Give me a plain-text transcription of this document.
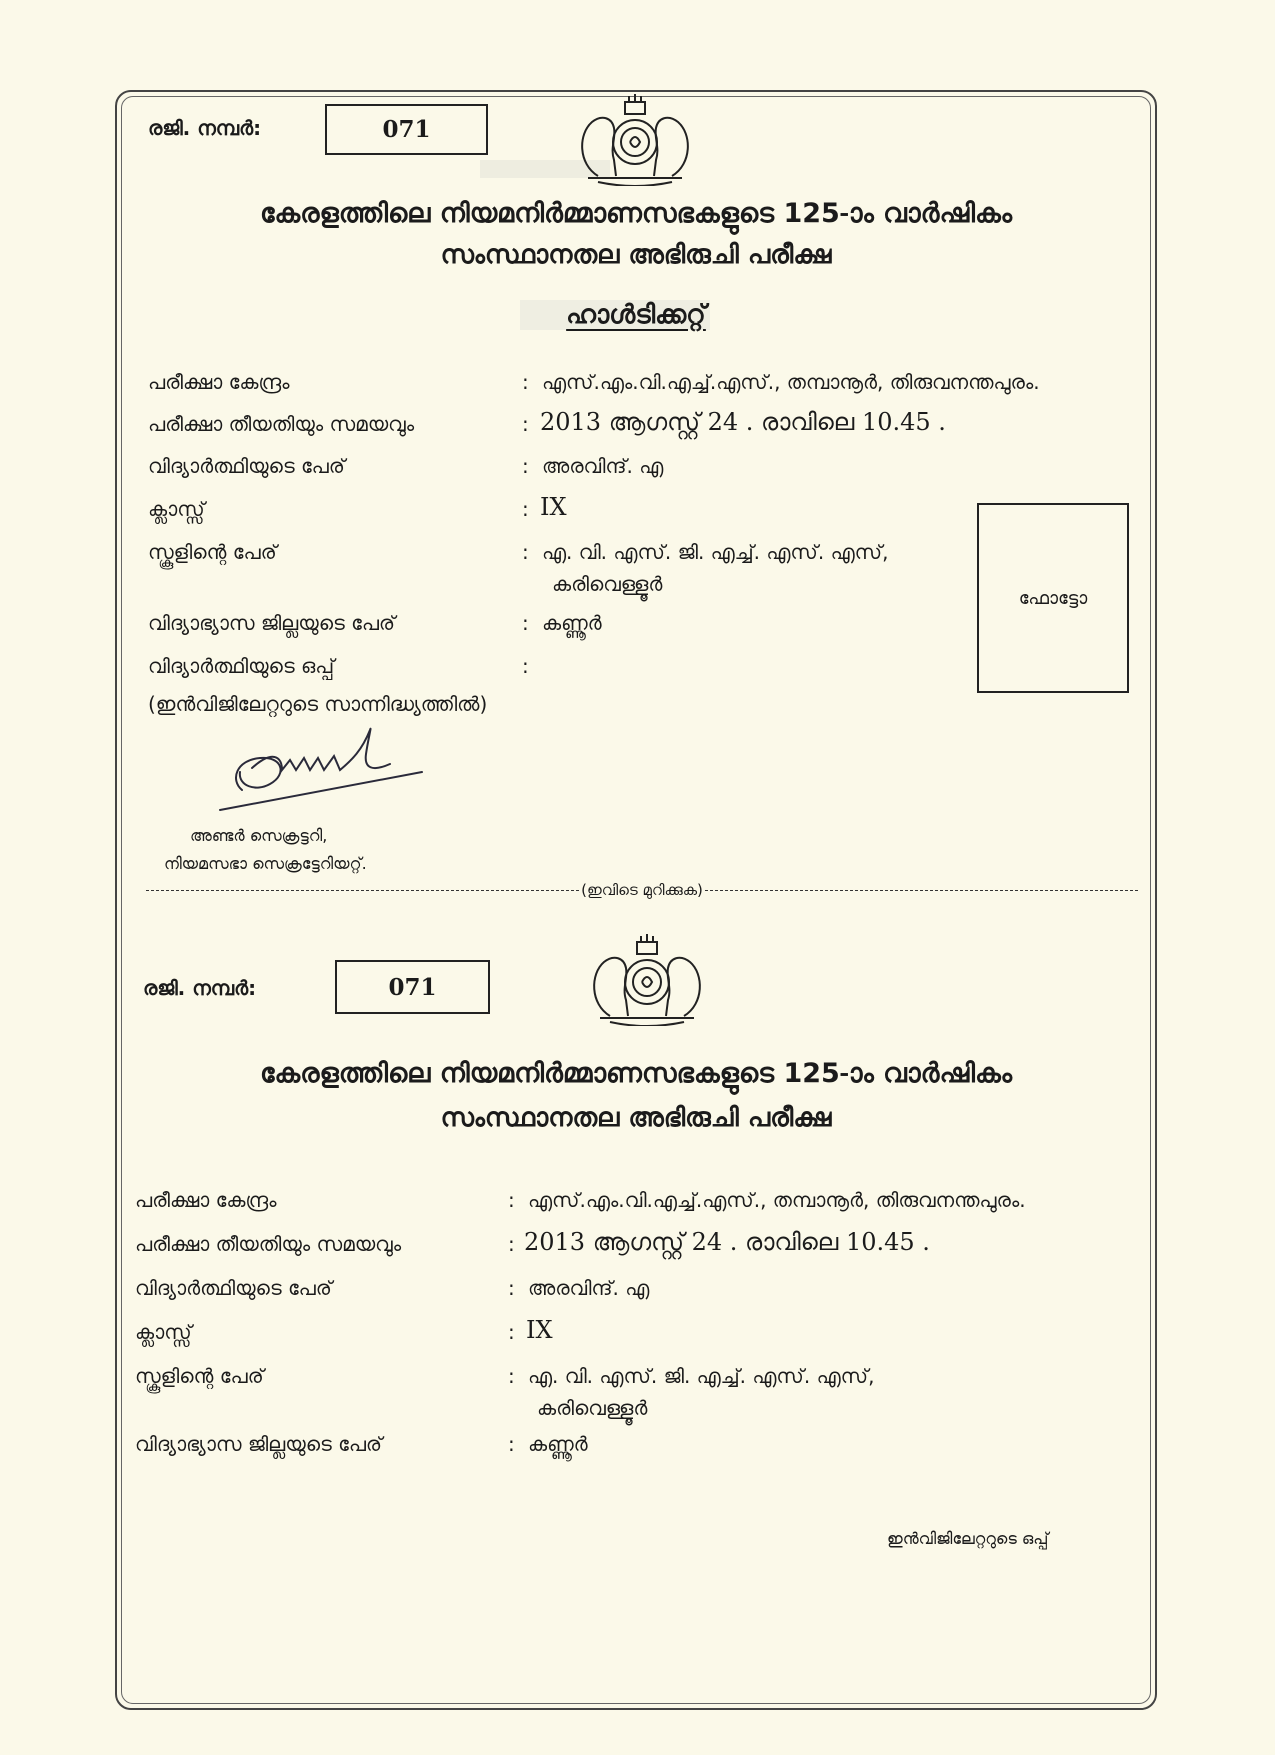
രജി. നമ്പർ:	071
കേരളത്തിലെ നിയമനിർമ്മാണസഭകളുടെ 125-ാം വാർഷികം
സംസ്ഥാനതല അഭിരുചി പരീക്ഷ
ഹാൾടിക്കറ്റ്
പരീക്ഷാ കേന്ദ്രം	: എസ്.എം.വി.എച്ച്.എസ്., തമ്പാനൂർ, തിരുവനന്തപുരം.
പരീക്ഷാ തീയതിയും സമയവും	: 2013 ആഗസ്റ്റ് 24 . രാവിലെ 10.45 .
വിദ്യാർത്ഥിയുടെ പേര്	: അരവിന്ദ്. എ
ക്ലാസ്സ്	: IX
സ്കൂളിന്റെ പേര്	: എ. വി. എസ്. ജി. എച്ച്. എസ്. എസ്,
കരിവെള്ളൂർ
വിദ്യാഭ്യാസ ജില്ലയുടെ പേര്	: കണ്ണൂർ
വിദ്യാർത്ഥിയുടെ ഒപ്പ്	:
(ഇൻവിജിലേറ്ററുടെ സാന്നിദ്ധ്യത്തിൽ)
ഫോട്ടോ
അണ്ടർ സെക്രട്ടറി,
നിയമസഭാ സെക്രട്ടേറിയറ്റ്.
(ഇവിടെ മുറിക്കുക)
രജി. നമ്പർ:	071
കേരളത്തിലെ നിയമനിർമ്മാണസഭകളുടെ 125-ാം വാർഷികം
സംസ്ഥാനതല അഭിരുചി പരീക്ഷ
പരീക്ഷാ കേന്ദ്രം	: എസ്.എം.വി.എച്ച്.എസ്., തമ്പാനൂർ, തിരുവനന്തപുരം.
പരീക്ഷാ തീയതിയും സമയവും	: 2013 ആഗസ്റ്റ് 24 . രാവിലെ 10.45 .
വിദ്യാർത്ഥിയുടെ പേര്	: അരവിന്ദ്. എ
ക്ലാസ്സ്	: IX
സ്കൂളിന്റെ പേര്	: എ. വി. എസ്. ജി. എച്ച്. എസ്. എസ്,
കരിവെള്ളൂർ
വിദ്യാഭ്യാസ ജില്ലയുടെ പേര്	: കണ്ണൂർ
ഇൻവിജിലേറ്ററുടെ ഒപ്പ്
